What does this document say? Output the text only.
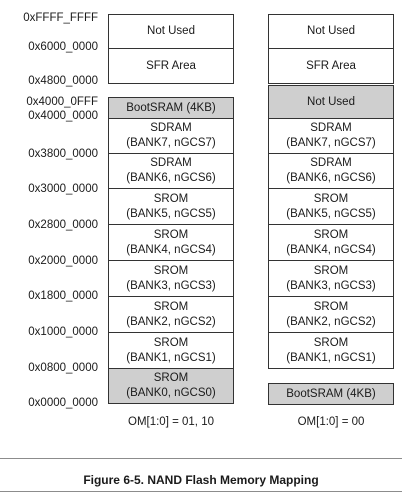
0xFFFF_FFFF
0x6000_0000
0x4800_0000
0x4000_0FFF
0x4000_0000
0x3800_0000
0x3000_0000
0x2800_0000
0x2000_0000
0x1800_0000
0x1000_0000
0x0800_0000
0x0000_0000
Not Used
SFR Area
BootSRAM (4KB)
SDRAM
(BANK7, nGCS7)
SDRAM
(BANK6, nGCS6)
SROM
(BANK5, nGCS5)
SROM
(BANK4, nGCS4)
SROM
(BANK3, nGCS3)
SROM
(BANK2, nGCS2)
SROM
(BANK1, nGCS1)
SROM
(BANK0, nGCS0)
OM[1:0] = 01, 10
Not Used
SFR Area
Not Used
SDRAM
(BANK7, nGCS7)
SDRAM
(BANK6, nGCS6)
SROM
(BANK5, nGCS5)
SROM
(BANK4, nGCS4)
SROM
(BANK3, nGCS3)
SROM
(BANK2, nGCS2)
SROM
(BANK1, nGCS1)
BootSRAM (4KB)
OM[1:0] = 00
Figure 6-5. NAND Flash Memory Mapping
